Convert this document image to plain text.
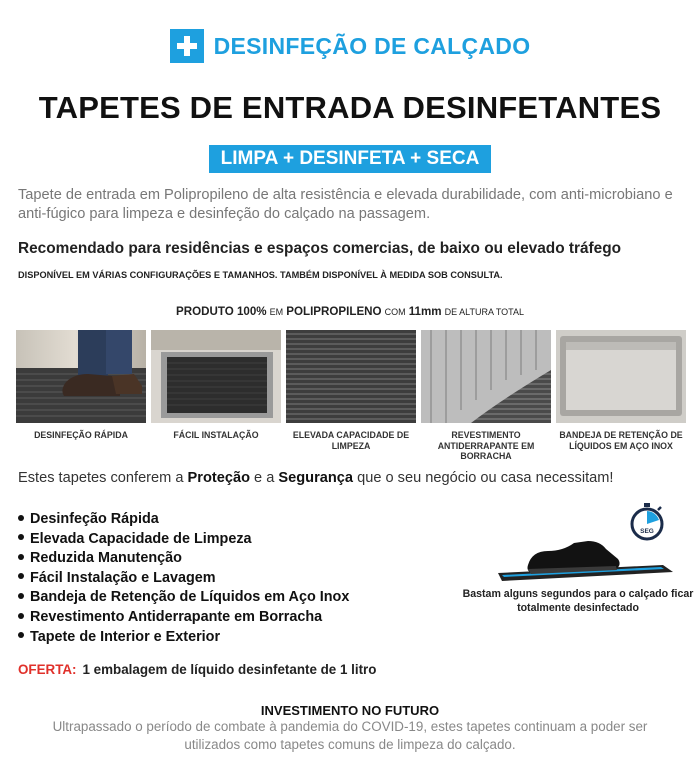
DESINFEÇÃO DE CALÇADO
TAPETES DE ENTRADA DESINFETANTES
LIMPA + DESINFETA + SECA
Tapete de entrada em Polipropileno de alta resistência e elevada durabilidade, com anti-microbiano e anti-fúgico para limpeza e desinfeção do calçado na passagem.
Recomendado para residências e espaços comercias, de baixo ou elevado tráfego
DISPONÍVEL EM VÁRIAS CONFIGURAÇÕES E TAMANHOS. TAMBÉM DISPONÍVEL À MEDIDA SOB CONSULTA.
PRODUTO 100% EM POLIPROPILENO COM 11mm DE ALTURA TOTAL
DESINFEÇÃO RÁPIDA	FÁCIL INSTALAÇÃO	ELEVADA CAPACIDADE DE LIMPEZA
REVESTIMENTO ANTIDERRAPANTE EM BORRACHA
BANDEJA DE RETENÇÃO DE LÍQUIDOS EM AÇO INOX
Estes tapetes conferem a Proteção e a Segurança que o seu negócio ou casa necessitam!
Desinfeção Rápida
Elevada Capacidade de Limpeza
Reduzida Manutenção
Fácil Instalação e Lavagem
Bandeja de Retenção de Líquidos em Aço Inox
Revestimento Antiderrapante em Borracha
Tapete de Interior e Exterior
SEG
Bastam alguns segundos para o calçado ficar totalmente desinfectado
OFERTA: 1 embalagem de líquido desinfetante de 1 litro
INVESTIMENTO NO FUTURO
Ultrapassado o período de combate à pandemia do COVID-19, estes tapetes continuam a poder ser utilizados como tapetes comuns de limpeza do calçado.
